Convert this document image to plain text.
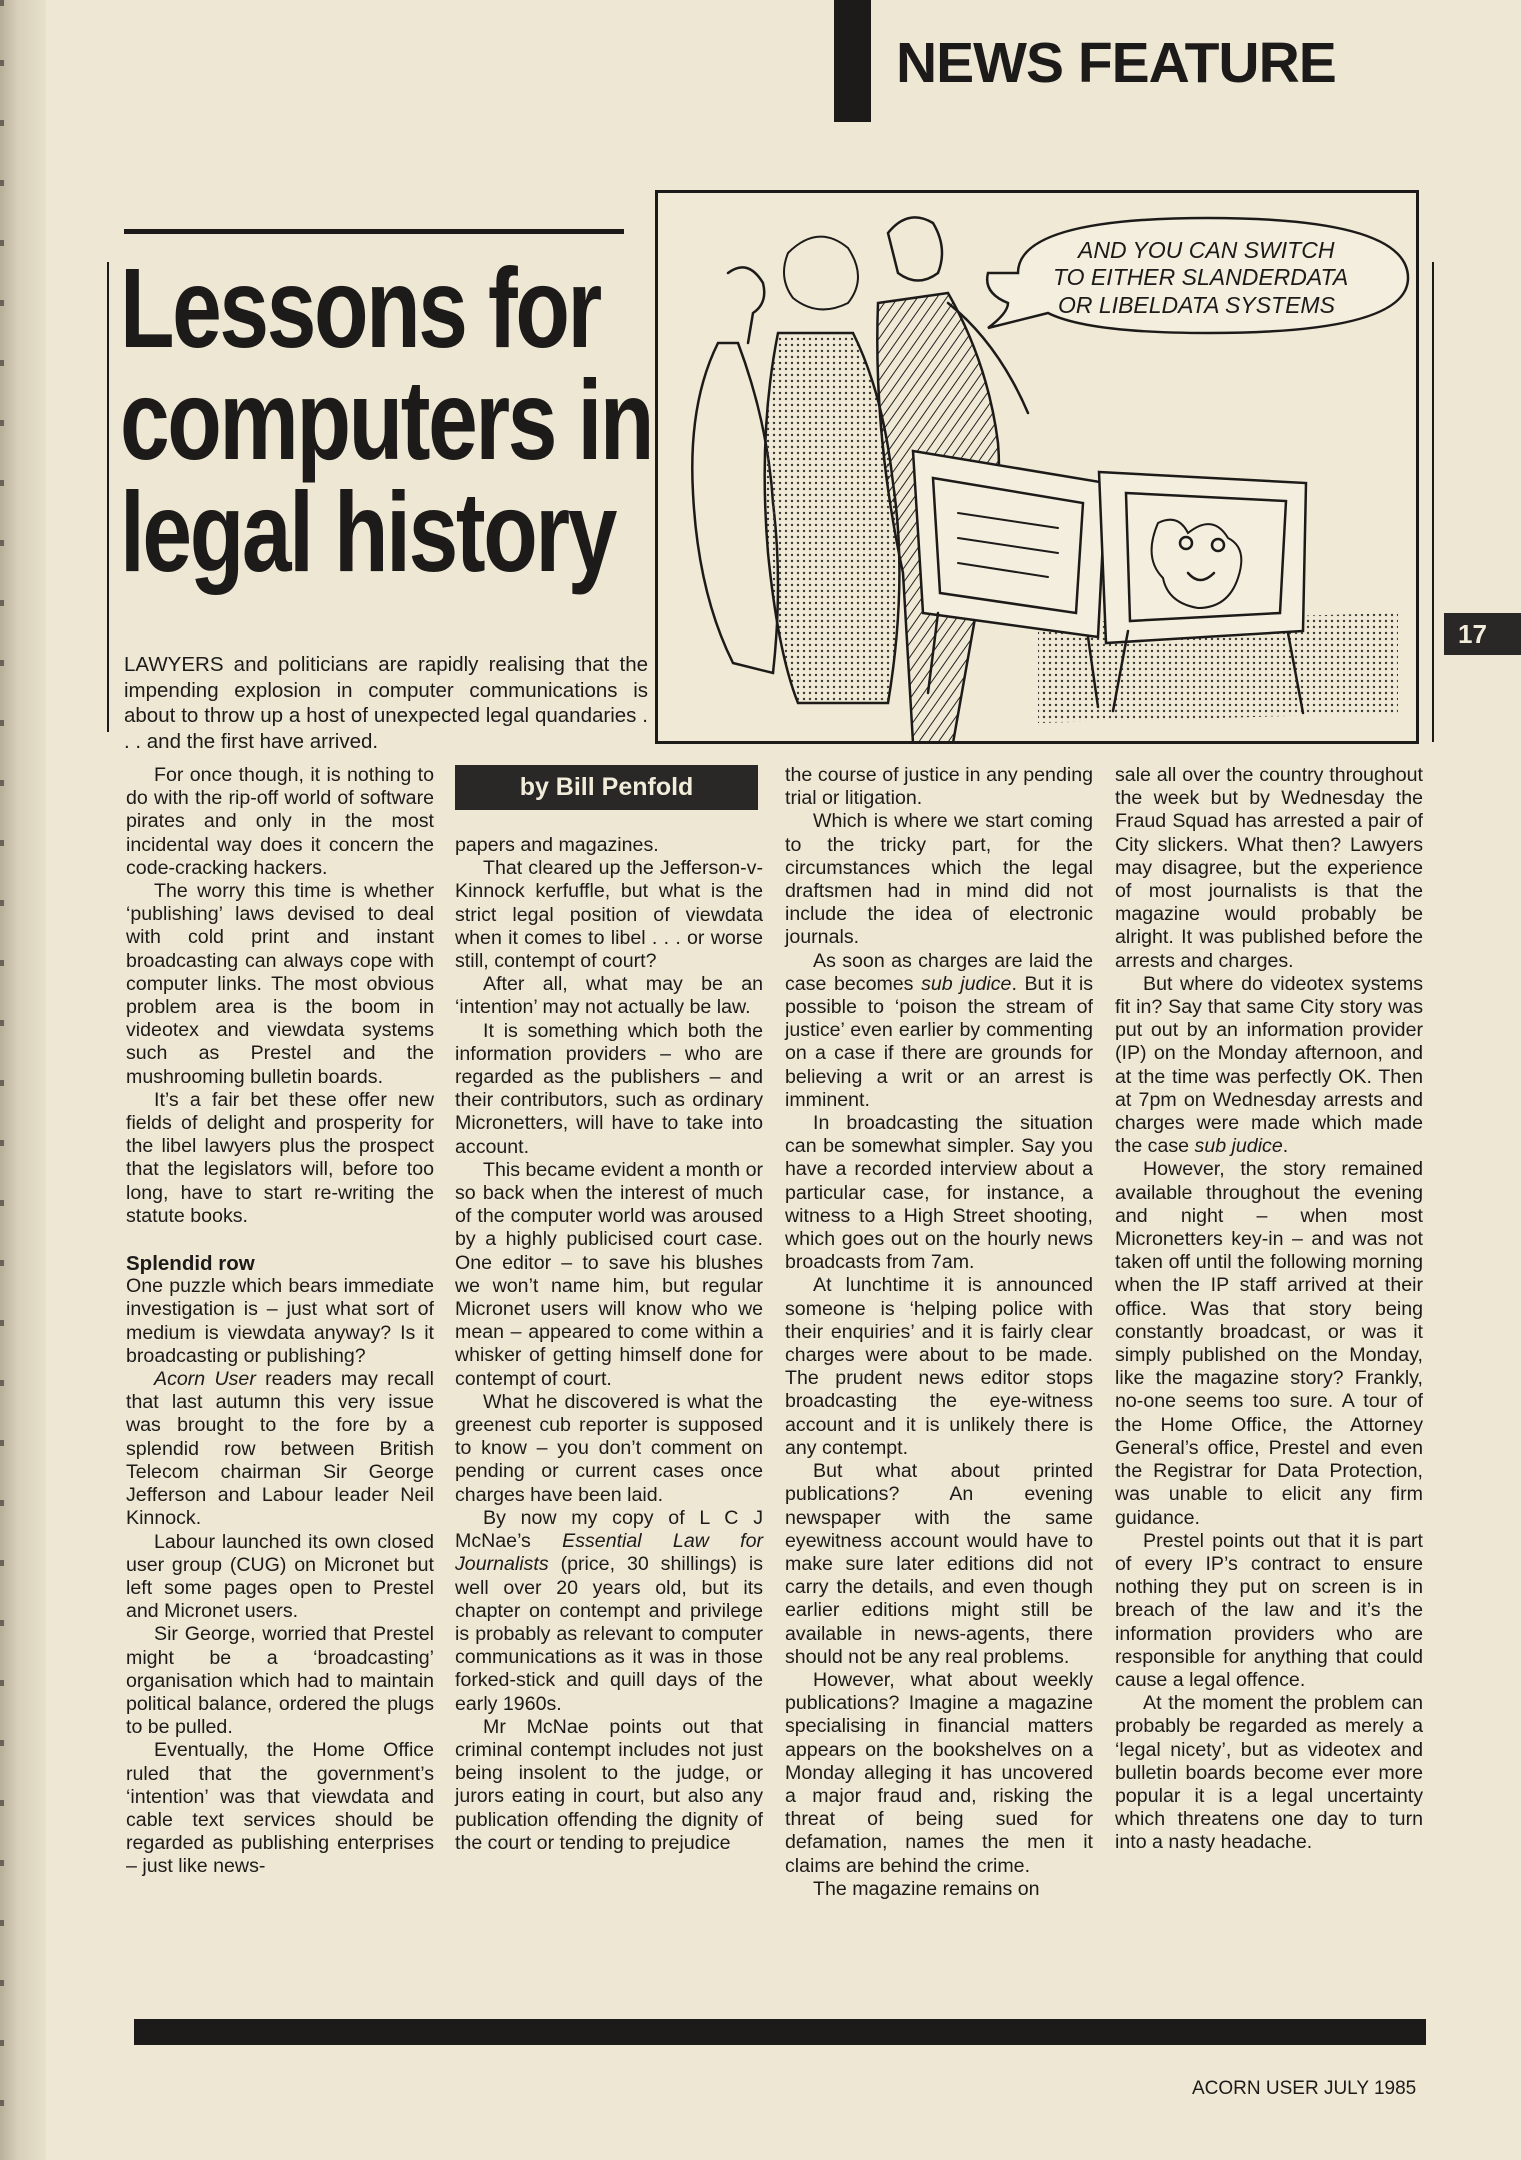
NEWS FEATURE
Lessons for
computers in
legal history
AND YOU CAN SWITCH
TO EITHER SLANDERDATA
OR LIBELDATA SYSTEMS
17
LAWYERS and politicians are rapidly realising that the impending explosion in computer communications is about to throw up a host of unexpected legal quandaries . . . and the first have arrived.
by Bill Penfold

For once though, it is nothing to do with the rip-off world of software pirates and only in the most incidental way does it concern the code-cracking hackers.

The worry this time is whether ‘publishing’ laws devised to deal with cold print and instant broadcasting can always cope with computer links. The most obvious problem area is the boom in videotex and viewdata systems such as Prestel and the mushrooming bulletin boards.

It’s a fair bet these offer new fields of delight and prosperity for the libel lawyers plus the prospect that the legislators will, before too long, have to start re-writing the statute books.

Splendid row

One puzzle which bears immediate investigation is – just what sort of medium is viewdata anyway? Is it broadcasting or publishing?

Acorn User readers may recall that last autumn this very issue was brought to the fore by a splendid row between British Telecom chairman Sir George Jefferson and Labour leader Neil Kinnock.

Labour launched its own closed user group (CUG) on Micronet but left some pages open to Prestel and Micronet users.

Sir George, worried that Prestel might be a ‘broadcasting’ organisation which had to maintain political balance, ordered the plugs to be pulled.

Eventually, the Home Office ruled that the government’s ‘intention’ was that viewdata and cable text services should be regarded as publishing enterprises – just like news-

papers and magazines.

That cleared up the Jefferson-v-Kinnock kerfuffle, but what is the strict legal position of viewdata when it comes to libel . . . or worse still, contempt of court?

After all, what may be an ‘intention’ may not actually be law.

It is something which both the information providers – who are regarded as the publishers – and their contributors, such as ordinary Micronetters, will have to take into account.

This became evident a month or so back when the interest of much of the computer world was aroused by a highly publicised court case. One editor – to save his blushes we won’t name him, but regular Micronet users will know who we mean – appeared to come within a whisker of getting himself done for contempt of court.

What he discovered is what the greenest cub reporter is supposed to know – you don’t comment on pending or current cases once charges have been laid.

By now my copy of L C J McNae’s Essential Law for Journalists (price, 30 shillings) is well over 20 years old, but its chapter on contempt and privilege is probably as relevant to computer communications as it was in those forked-stick and quill days of the early 1960s.

Mr McNae points out that criminal contempt includes not just being insolent to the judge, or jurors eating in court, but also any publication offending the dignity of the court or tending to prejudice

the course of justice in any pending trial or litigation.

Which is where we start coming to the tricky part, for the circumstances which the legal draftsmen had in mind did not include the idea of electronic journals.

As soon as charges are laid the case becomes sub judice. But it is possible to ‘poison the stream of justice’ even earlier by commenting on a case if there are grounds for believing a writ or an arrest is imminent.

In broadcasting the situation can be somewhat simpler. Say you have a recorded interview about a particular case, for instance, a witness to a High Street shooting, which goes out on the hourly news broadcasts from 7am.

At lunchtime it is announced someone is ‘helping police with their enquiries’ and it is fairly clear charges were about to be made. The prudent news editor stops broadcasting the eye-witness account and it is unlikely there is any contempt.

But what about printed publications? An evening newspaper with the same eyewitness account would have to make sure later editions did not carry the details, and even though earlier editions might still be available in news-agents, there should not be any real problems.

However, what about weekly publications? Imagine a magazine specialising in financial matters appears on the bookshelves on a Monday alleging it has uncovered a major fraud and, risking the threat of being sued for defamation, names the men it claims are behind the crime.

The magazine remains on

sale all over the country throughout the week but by Wednesday the Fraud Squad has arrested a pair of City slickers. What then? Lawyers may disagree, but the experience of most journalists is that the magazine would probably be alright. It was published before the arrests and charges.

But where do videotex systems fit in? Say that same City story was put out by an information provider (IP) on the Monday afternoon, and at the time was perfectly OK. Then at 7pm on Wednesday arrests and charges were made which made the case sub judice.

However, the story remained available throughout the evening and night – when most Micronetters key-in – and was not taken off until the following morning when the IP staff arrived at their office. Was that story being constantly broadcast, or was it simply published on the Monday, like the magazine story? Frankly, no-one seems too sure. A tour of the Home Office, the Attorney General’s office, Prestel and even the Registrar for Data Protection, was unable to elicit any firm guidance.

Prestel points out that it is part of every IP’s contract to ensure nothing they put on screen is in breach of the law and it’s the information providers who are responsible for anything that could cause a legal offence.

At the moment the problem can probably be regarded as merely a ‘legal nicety’, but as videotex and bulletin boards become ever more popular it is a legal uncertainty which threatens one day to turn into a nasty headache.

ACORN USER JULY 1985
